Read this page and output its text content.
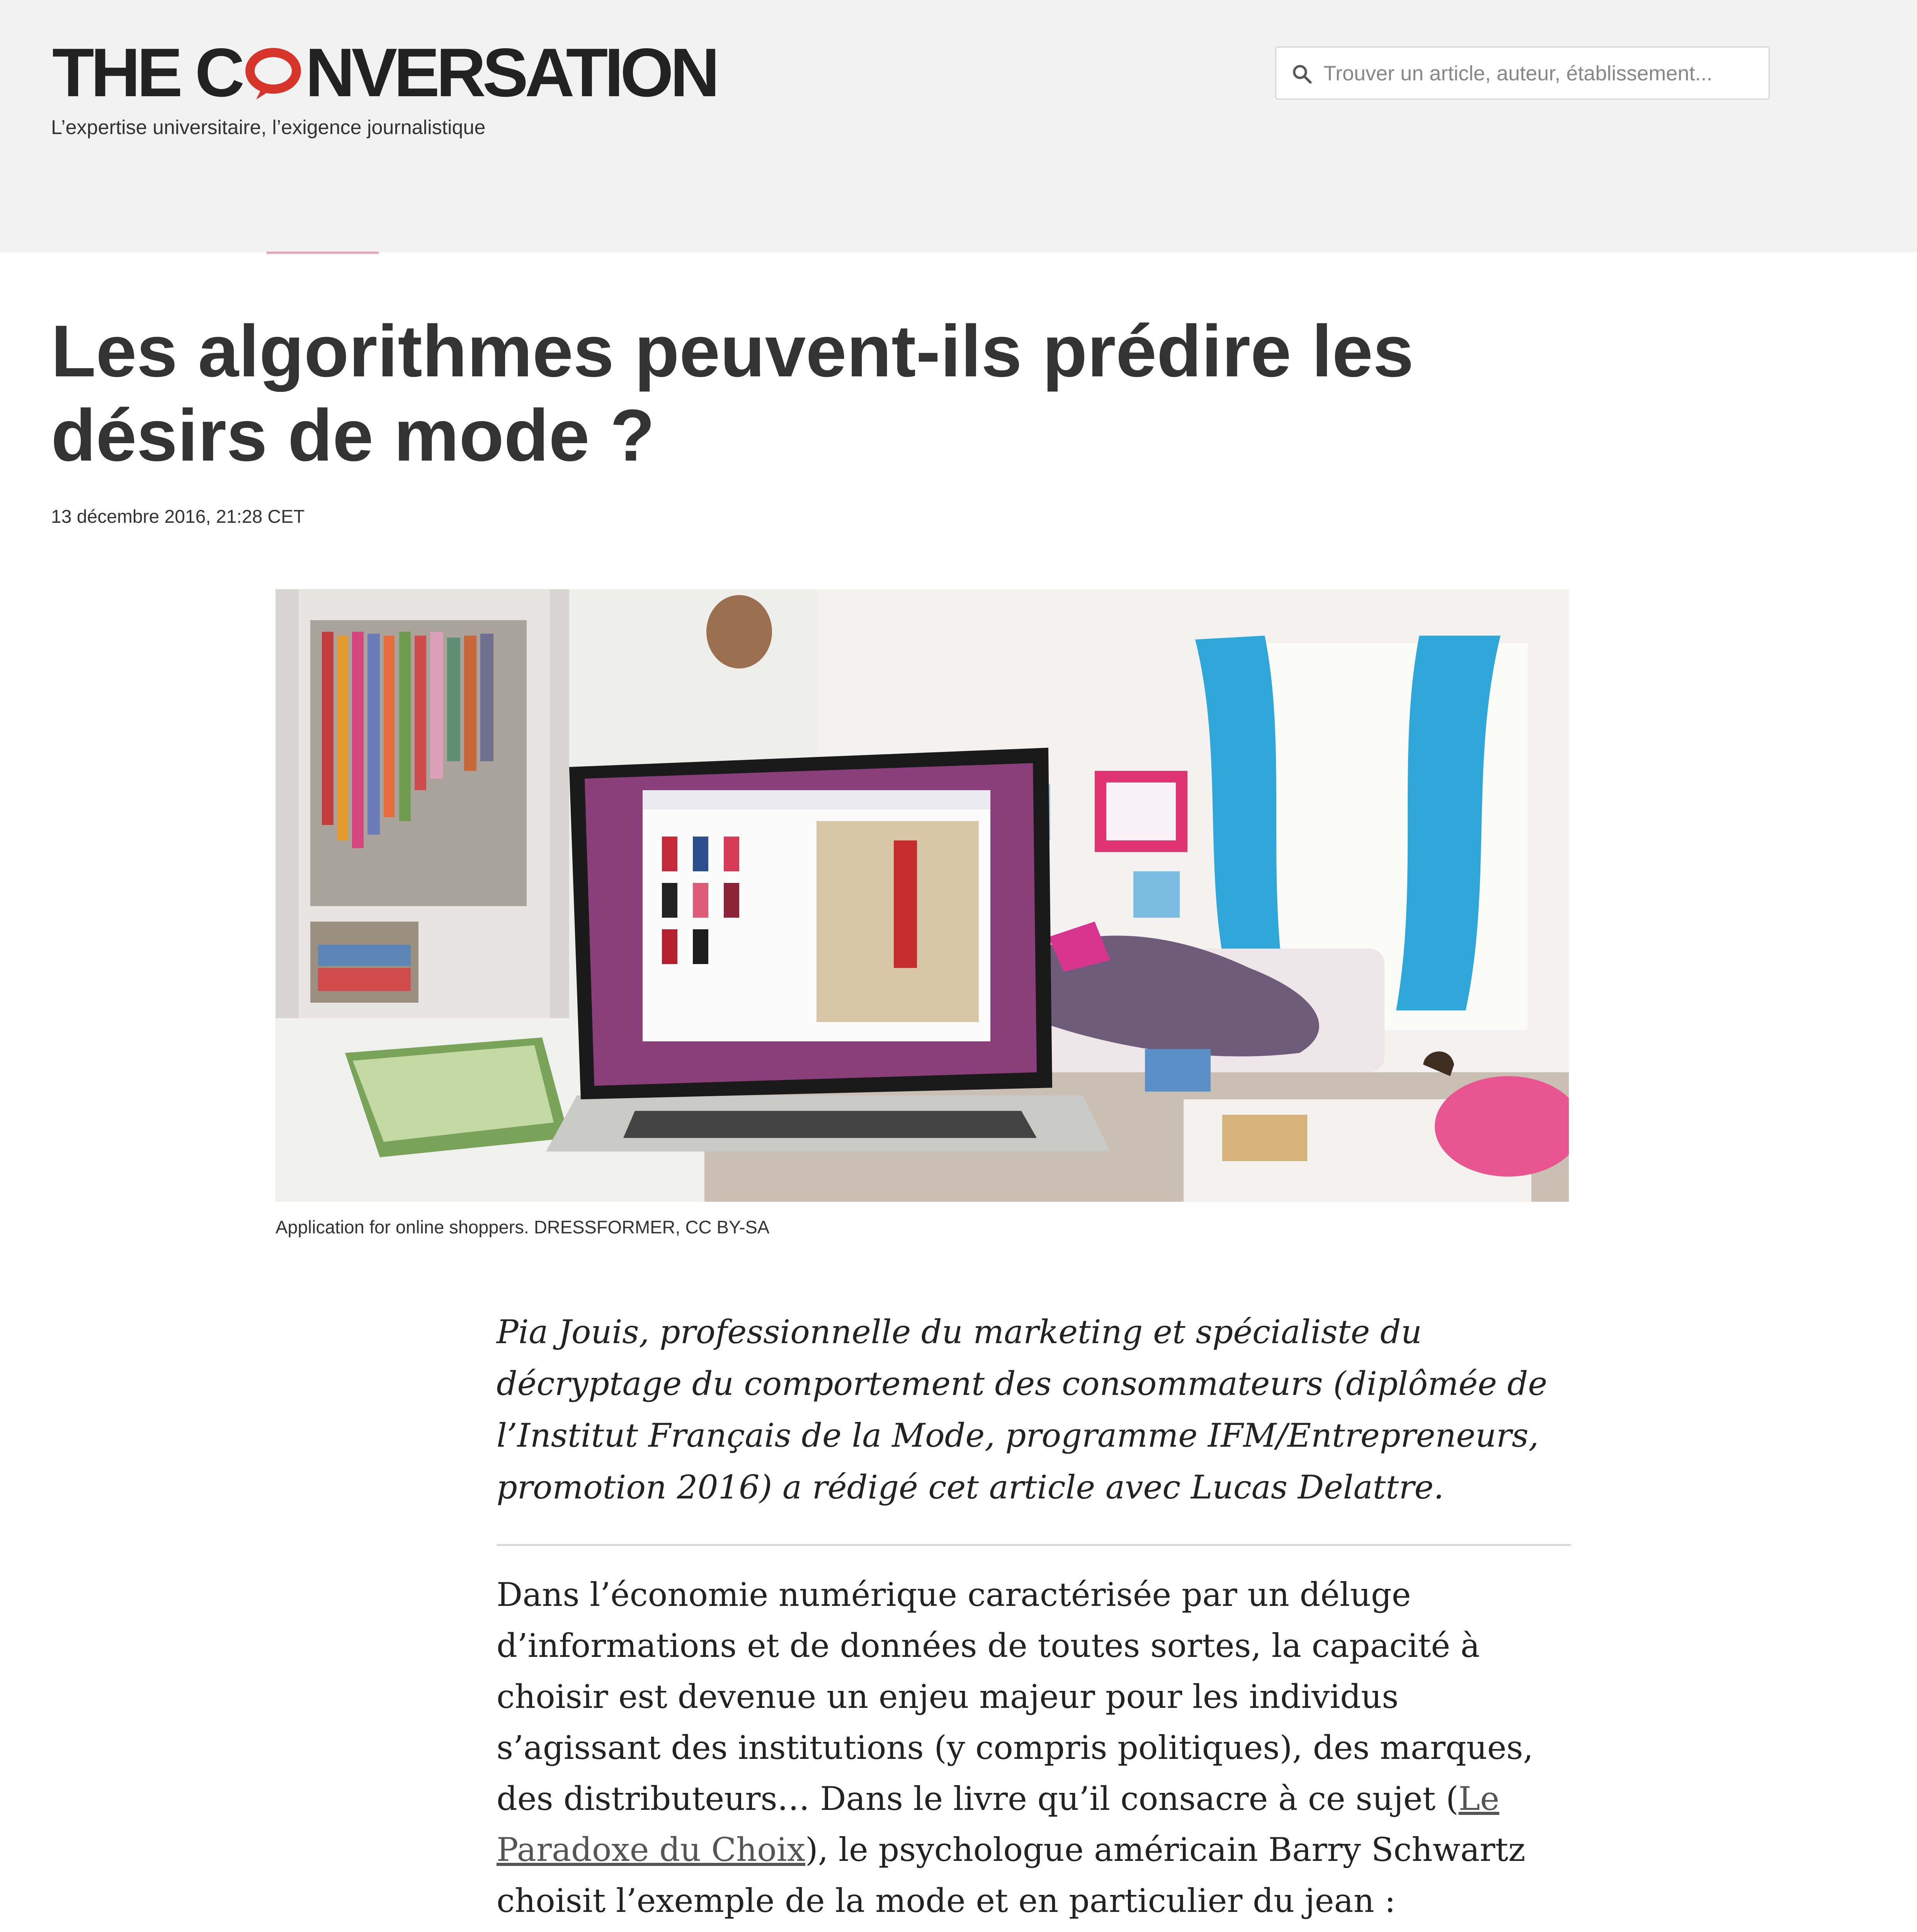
THE C NVERSATION
L’expertise universitaire, l’exigence journalistique
Trouver un article, auteur, établissement...
Les algorithmes peuvent-ils prédire les désirs de mode ?
13 décembre 2016, 21:28 CET
Application for online shoppers. DRESSFORMER, CC BY-SA

Pia Jouis, professionnelle du marketing et spécialiste du décryptage du comportement des consommateurs (diplômée de l’Institut Français de la Mode, programme IFM/Entrepreneurs, promotion 2016) a rédigé cet article avec Lucas Delattre.

Dans l’économie numérique caractérisée par un déluge d’informations et de données de toutes sortes, la capacité à choisir est devenue un enjeu majeur pour les individus s’agissant des institutions (y compris politiques), des marques, des distributeurs… Dans le livre qu’il consacre à ce sujet (Le Paradoxe du Choix), le psychologue américain Barry Schwartz choisit l’exemple de la mode et en particulier du jean :
